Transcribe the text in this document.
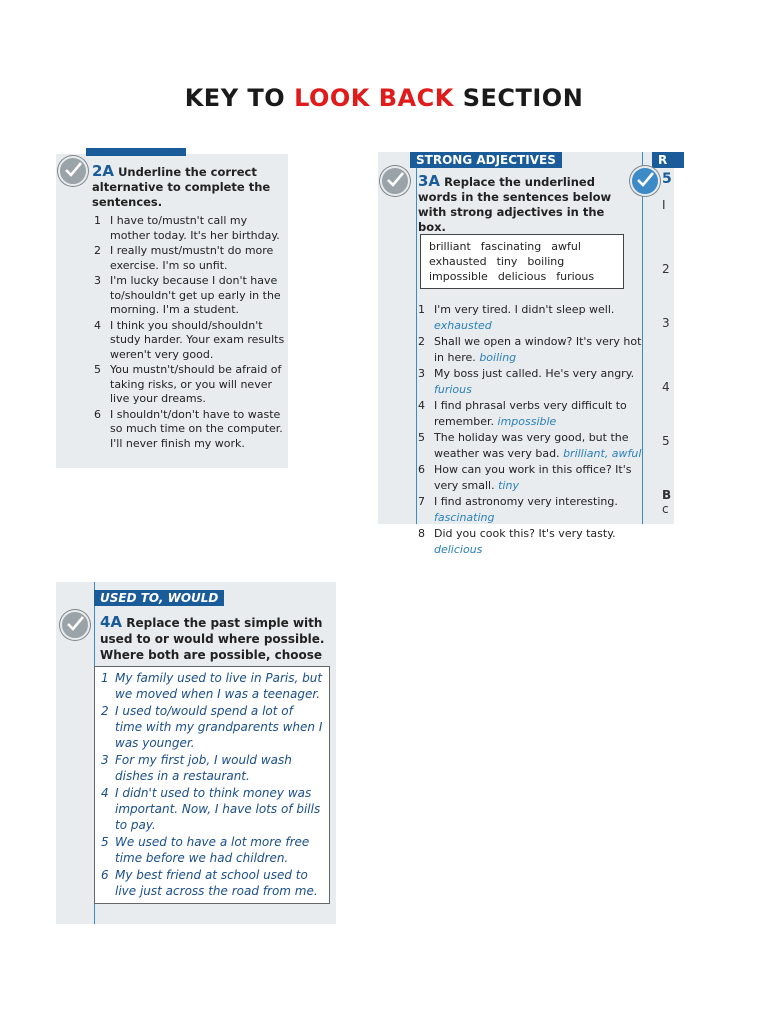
KEY TO LOOK BACK SECTION
2A Underline the correct alternative to complete the sentences.
1 I have to/mustn't call my mother today. It's her birthday.
2 I really must/mustn't do more exercise. I'm so unfit.
3 I'm lucky because I don't have to/shouldn't get up early in the morning. I'm a student.
4 I think you should/shouldn't study harder. Your exam results weren't very good.
5 You mustn't/should be afraid of taking risks, or you will never live your dreams.
6 I shouldn't/don't have to waste so much time on the computer. I'll never finish my work.
STRONG ADJECTIVES	R
3A Replace the underlined words in the sentences below with strong adjectives in the box.
brilliant fascinating awful
exhausted tiny boiling
impossible delicious furious
1 I'm very tired. I didn't sleep well. exhausted
2 Shall we open a window? It's very hot in here. boiling
3 My boss just called. He's very angry. furious
4 I find phrasal verbs very difficult to remember. impossible
5 The holiday was very good, but the weather was very bad. brilliant, awful
6 How can you work in this office? It's very small. tiny
7 I find astronomy very interesting. fascinating
8 Did you cook this? It's very tasty. delicious
5
I
2
3
4
5
B
c
USED TO, WOULD
4A Replace the past simple with
used to or would where possible.
Where both are possible, choose
1 My family used to live in Paris, but we moved when I was a teenager.
2 I used to/would spend a lot of time with my grandparents when I was younger.
3 For my first job, I would wash dishes in a restaurant.
4 I didn't used to think money was important. Now, I have lots of bills to pay.
5 We used to have a lot more free time before we had children.
6 My best friend at school used to live just across the road from me.
